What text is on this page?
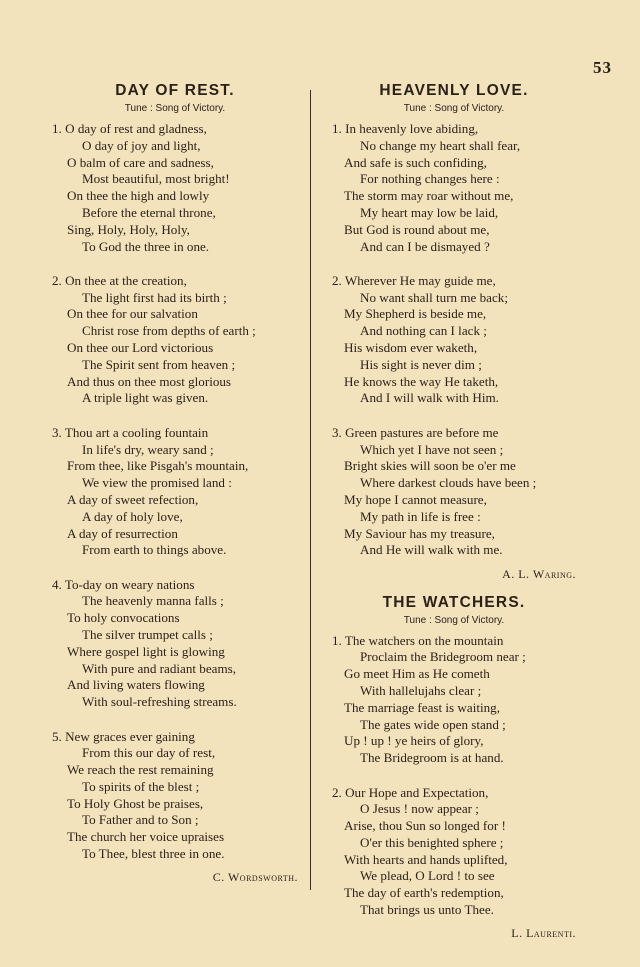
53
DAY OF REST.
Tune : Song of Victory.
1. O day of rest and gladness,
O day of joy and light,
O balm of care and sadness,
Most beautiful, most bright!
On thee the high and lowly
Before the eternal throne,
Sing, Holy, Holy, Holy,
To God the three in one.
2. On thee at the creation,
The light first had its birth ;
On thee for our salvation
Christ rose from depths of earth ;
On thee our Lord victorious
The Spirit sent from heaven ;
And thus on thee most glorious
A triple light was given.
3. Thou art a cooling fountain
In life's dry, weary sand ;
From thee, like Pisgah's mountain,
We view the promised land :
A day of sweet refection,
A day of holy love,
A day of resurrection
From earth to things above.
4. To-day on weary nations
The heavenly manna falls ;
To holy convocations
The silver trumpet calls ;
Where gospel light is glowing
With pure and radiant beams,
And living waters flowing
With soul-refreshing streams.
5. New graces ever gaining
From this our day of rest,
We reach the rest remaining
To spirits of the blest ;
To Holy Ghost be praises,
To Father and to Son ;
The church her voice upraises
To Thee, blest three in one.
C. Wordsworth.
HEAVENLY LOVE.
Tune : Song of Victory.
1. In heavenly love abiding,
No change my heart shall fear,
And safe is such confiding,
For nothing changes here :
The storm may roar without me,
My heart may low be laid,
But God is round about me,
And can I be dismayed ?
2. Wherever He may guide me,
No want shall turn me back;
My Shepherd is beside me,
And nothing can I lack ;
His wisdom ever waketh,
His sight is never dim ;
He knows the way He taketh,
And I will walk with Him.
3. Green pastures are before me
Which yet I have not seen ;
Bright skies will soon be o'er me
Where darkest clouds have been ;
My hope I cannot measure,
My path in life is free :
My Saviour has my treasure,
And He will walk with me.
A. L. Waring.
THE WATCHERS.
Tune : Song of Victory.
1. The watchers on the mountain
Proclaim the Bridegroom near ;
Go meet Him as He cometh
With hallelujahs clear ;
The marriage feast is waiting,
The gates wide open stand ;
Up ! up ! ye heirs of glory,
The Bridegroom is at hand.
2. Our Hope and Expectation,
O Jesus ! now appear ;
Arise, thou Sun so longed for !
O'er this benighted sphere ;
With hearts and hands uplifted,
We plead, O Lord ! to see
The day of earth's redemption,
That brings us unto Thee.
L. Laurenti.
